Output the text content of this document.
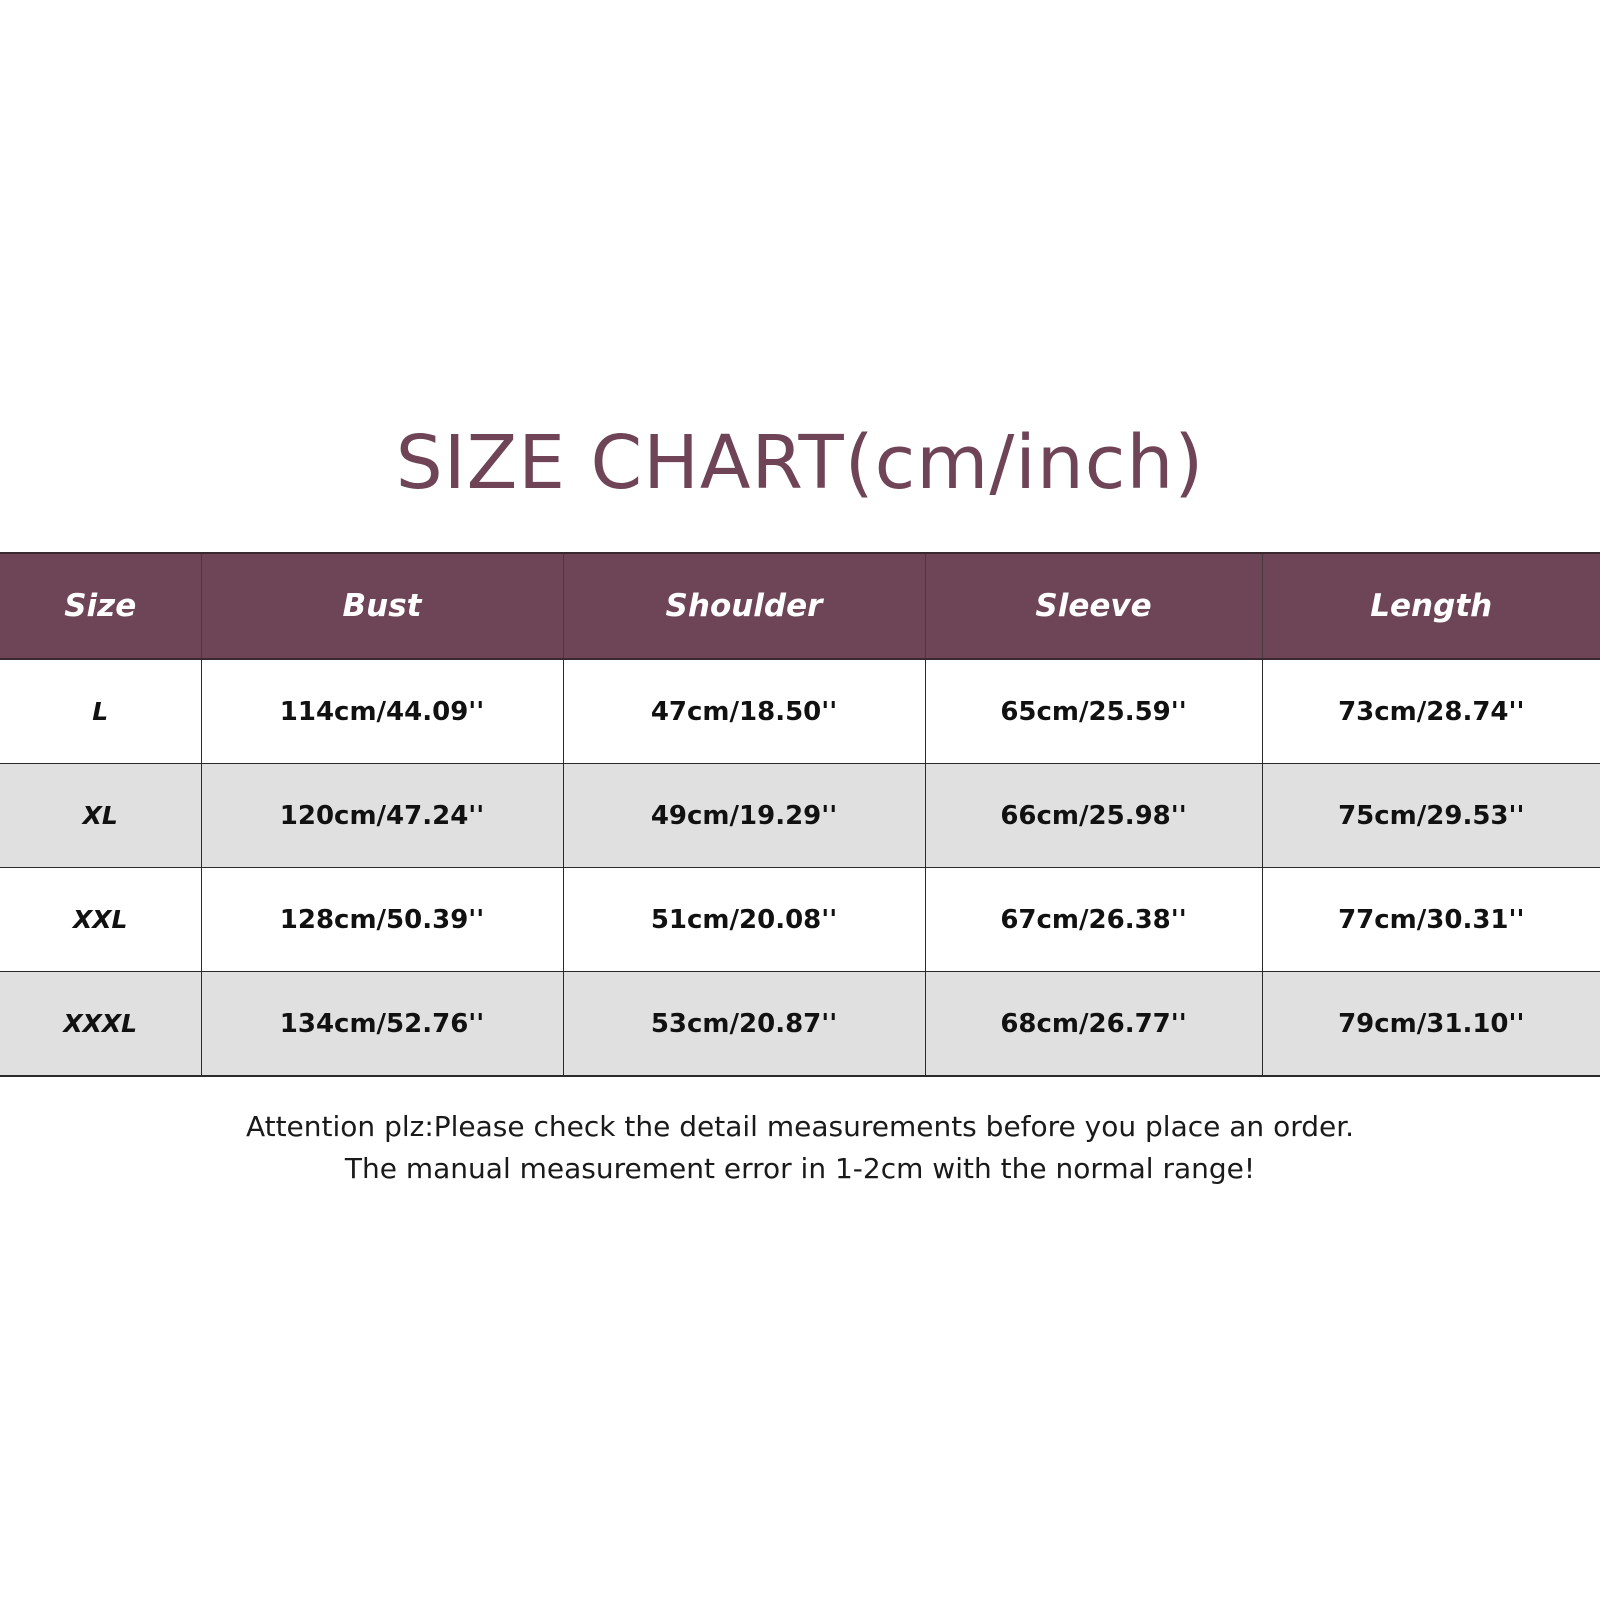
SIZE CHART(cm/inch)
Size	Bust	Shoulder	Sleeve	Length
L	114cm/44.09''	47cm/18.50''	65cm/25.59''	73cm/28.74''
XL	120cm/47.24''	49cm/19.29''	66cm/25.98''	75cm/29.53''
XXL	128cm/50.39''	51cm/20.08''	67cm/26.38''	77cm/30.31''
XXXL	134cm/52.76''	53cm/20.87''	68cm/26.77''	79cm/31.10''

Attention plz:Please check the detail measurements before you place an order.

The manual measurement error in 1-2cm with the normal range!
